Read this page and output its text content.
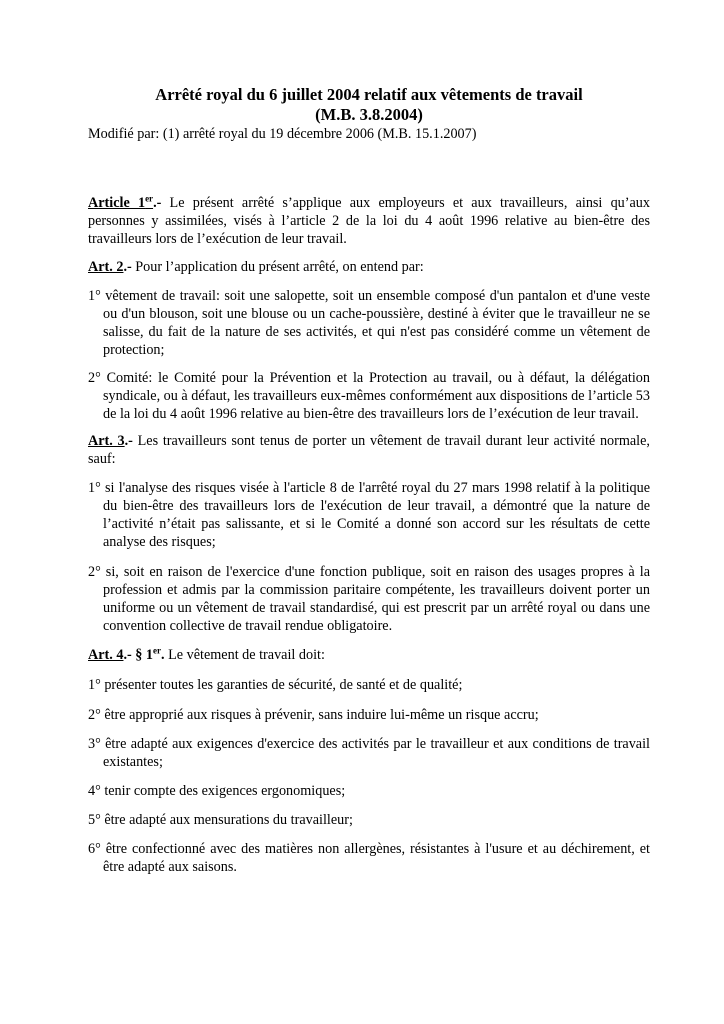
Arrêté royal du 6 juillet 2004 relatif aux vêtements de travail
(M.B. 3.8.2004)

Modifié par: (1) arrêté royal du 19 décembre 2006 (M.B. 15.1.2007)

Article 1er.- Le présent arrêté s’applique aux employeurs et aux travailleurs, ainsi qu’aux personnes y assimilées, visés à l’article 2 de la loi du 4 août 1996 relative au bien-être des travailleurs lors de l’exécution de leur travail.

Art. 2.- Pour l’application du présent arrêté, on entend par:

1° vêtement de travail: soit une salopette, soit un ensemble composé d'un pantalon et d'une veste ou d'un blouson, soit une blouse ou un cache-poussière, destiné à éviter que le travailleur ne se salisse, du fait de la nature de ses activités, et qui n'est pas considéré comme un vêtement de protection;

2° Comité: le Comité pour la Prévention et la Protection au travail, ou à défaut, la délégation syndicale, ou à défaut, les travailleurs eux-mêmes conformément aux dispositions de l’article 53 de la loi du 4 août 1996 relative au bien-être des travailleurs lors de l’exécution de leur travail.

Art. 3.- Les travailleurs sont tenus de porter un vêtement de travail durant leur activité normale, sauf:

1° si l'analyse des risques visée à l'article 8 de l'arrêté royal du 27 mars 1998 relatif à la politique du bien-être des travailleurs lors de l'exécution de leur travail, a démontré que la nature de l’activité n’était pas salissante, et si le Comité a donné son accord sur les résultats de cette analyse des risques;

2° si, soit en raison de l'exercice d'une fonction publique, soit en raison des usages propres à la profession et admis par la commission paritaire compétente, les travailleurs doivent porter un uniforme ou un vêtement de travail standardisé, qui est prescrit par un arrêté royal ou dans une convention collective de travail rendue obligatoire.

Art. 4.- § 1er. Le vêtement de travail doit:

1° présenter toutes les garanties de sécurité, de santé et de qualité;

2° être approprié aux risques à prévenir, sans induire lui-même un risque accru;

3° être adapté aux exigences d'exercice des activités par le travailleur et aux conditions de travail existantes;

4° tenir compte des exigences ergonomiques;

5° être adapté aux mensurations du travailleur;

6° être confectionné avec des matières non allergènes, résistantes à l'usure et au déchirement, et être adapté aux saisons.
